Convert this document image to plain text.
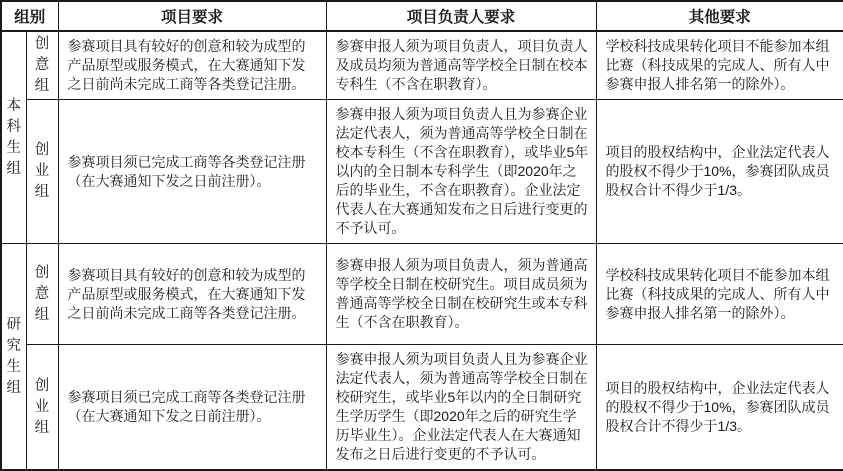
组别		项目要求	项目负责人要求	其他要求
本科生组	创意组	参赛项目具有较好的创意和较为成型的产品原型或服务模式，在大赛通知下发之日前尚未完成工商等各类登记注册。	参赛申报人须为项目负责人，项目负责人及成员均须为普通高等学校全日制在校本专科生（不含在职教育）。	学校科技成果转化项目不能参加本组比赛（科技成果的完成人、所有人中参赛申报人排名第一的除外）。
	创业组	参赛项目须已完成工商等各类登记注册（在大赛通知下发之日前注册）。	参赛申报人须为项目负责人且为参赛企业法定代表人，须为普通高等学校全日制在校本专科生（不含在职教育），或毕业5年以内的全日制本专科学生（即2020年之后的毕业生，不含在职教育）。企业法定代表人在大赛通知发布之日后进行变更的不予认可。	项目的股权结构中，企业法定代表人的股权不得少于10%，参赛团队成员股权合计不得少于1/3。
研究生组	创意组	参赛项目具有较好的创意和较为成型的产品原型或服务模式，在大赛通知下发之日前尚未完成工商等各类登记注册。	参赛申报人须为项目负责人，须为普通高等学校全日制在校研究生。项目成员须为普通高等学校全日制在校研究生或本专科生（不含在职教育）。	学校科技成果转化项目不能参加本组比赛（科技成果的完成人、所有人中参赛申报人排名第一的除外）。
	创业组	参赛项目须已完成工商等各类登记注册（在大赛通知下发之日前注册）。	参赛申报人须为项目负责人且为参赛企业法定代表人，须为普通高等学校全日制在校研究生，或毕业5年以内的全日制研究生学历学生（即2020年之后的研究生学历毕业生）。企业法定代表人在大赛通知发布之日后进行变更的不予认可。	项目的股权结构中，企业法定代表人的股权不得少于10%，参赛团队成员股权合计不得少于1/3。
